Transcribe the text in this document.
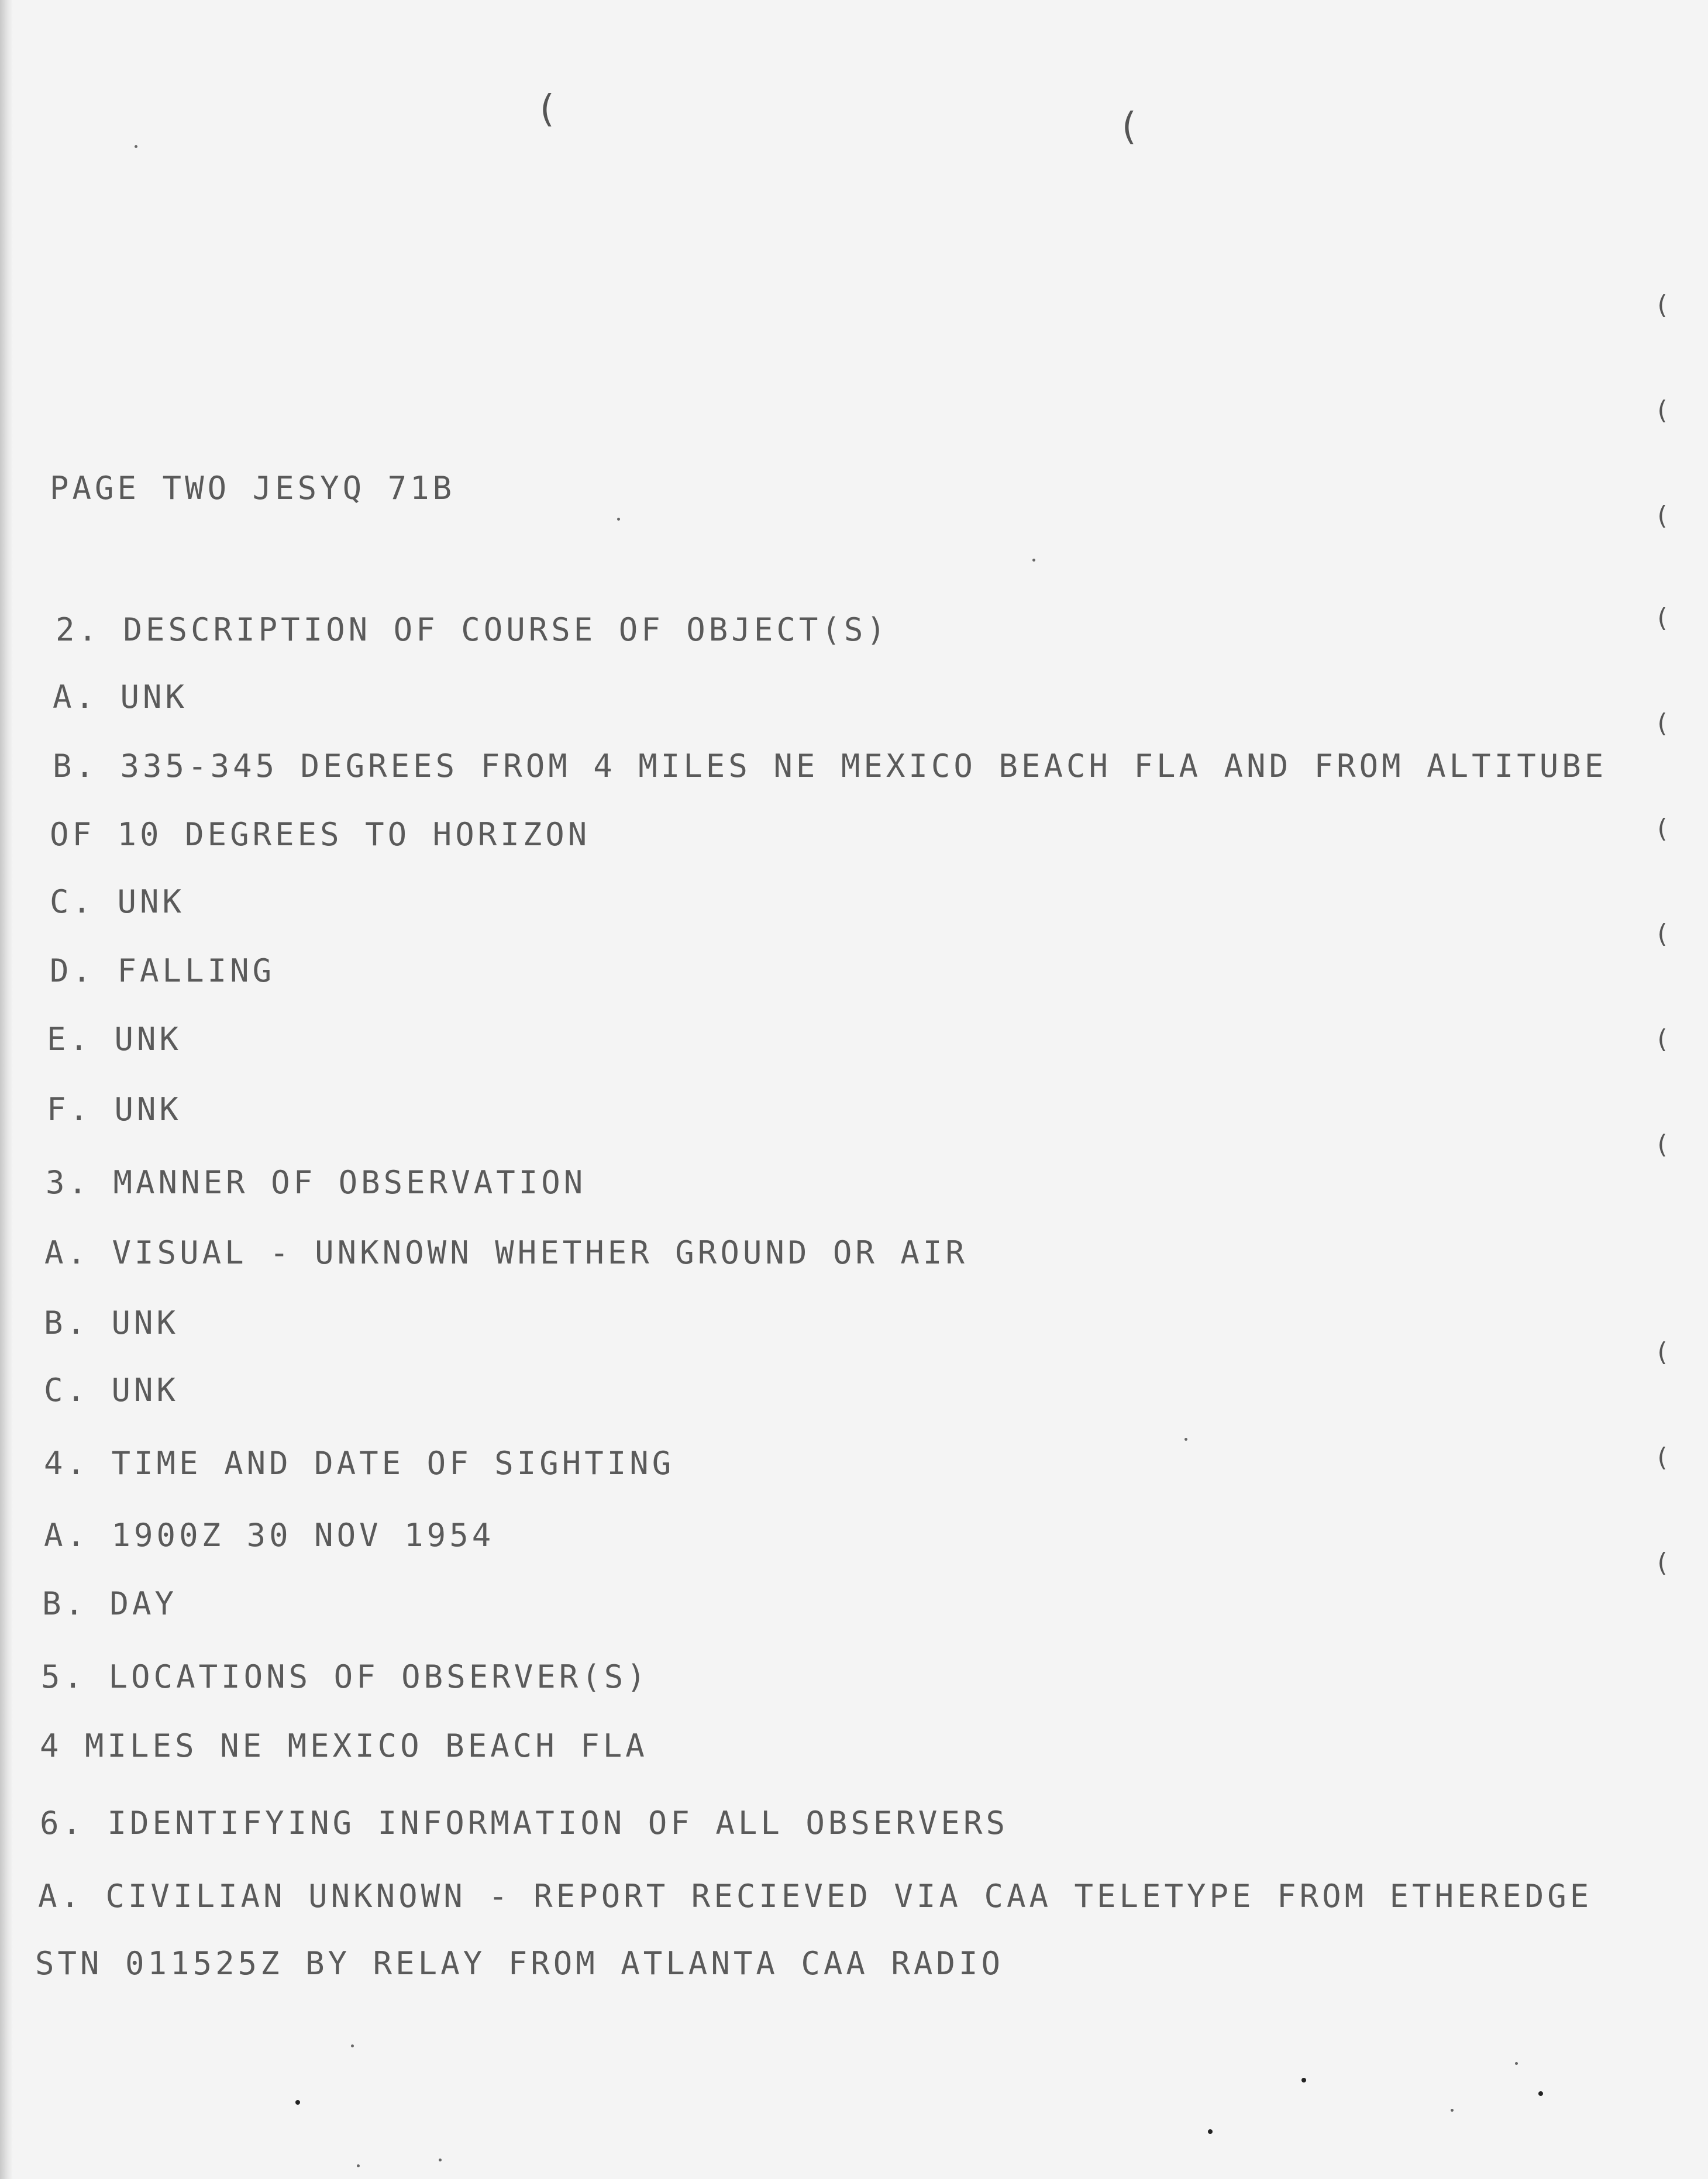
(	(
(
(
(
(
(
(
(
(
(
(
(
(
PAGE TWO JESYQ 71B
2. DESCRIPTION OF COURSE OF OBJECT(S)
A. UNK
B. 335-345 DEGREES FROM 4 MILES NE MEXICO BEACH FLA AND FROM ALTITUBE
OF 10 DEGREES TO HORIZON
C. UNK
D. FALLING
E. UNK
F. UNK
3. MANNER OF OBSERVATION
A. VISUAL - UNKNOWN WHETHER GROUND OR AIR
B. UNK
C. UNK
4. TIME AND DATE OF SIGHTING
A. 1900Z 30 NOV 1954
B. DAY
5. LOCATIONS OF OBSERVER(S)
4 MILES NE MEXICO BEACH FLA
6. IDENTIFYING INFORMATION OF ALL OBSERVERS
A. CIVILIAN UNKNOWN - REPORT RECIEVED VIA CAA TELETYPE FROM ETHEREDGE
STN 011525Z BY RELAY FROM ATLANTA CAA RADIO
